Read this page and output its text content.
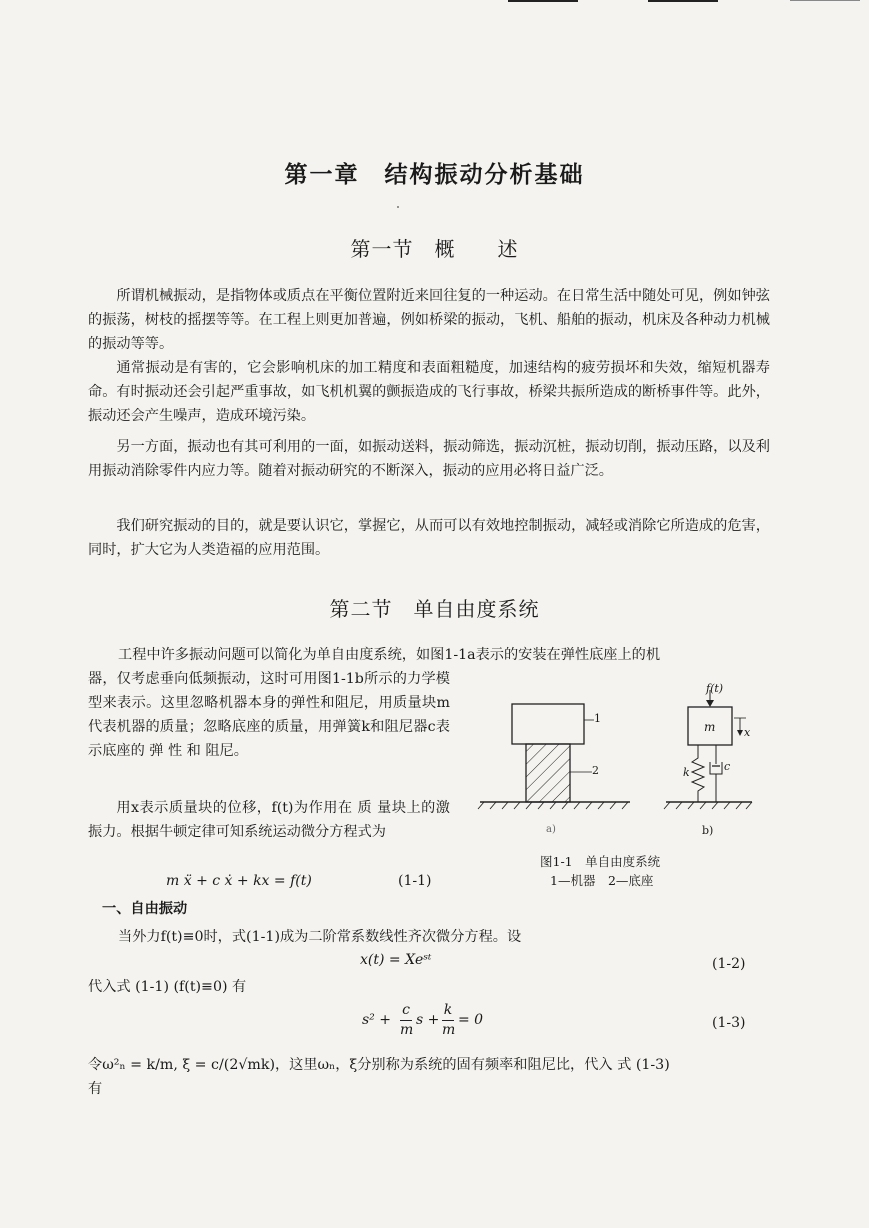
第一章　结构振动分析基础
第一节　概　　述
所谓机械振动，是指物体或质点在平衡位置附近来回往复的一种运动。在日常生活中随处可见，例如钟弦的振荡，树枝的摇摆等等。在工程上则更加普遍，例如桥梁的振动，飞机、船舶的振动，机床及各种动力机械的振动等等。
通常振动是有害的，它会影响机床的加工精度和表面粗糙度，加速结构的疲劳损坏和失效，缩短机器寿命。有时振动还会引起严重事故，如飞机机翼的颤振造成的飞行事故，桥梁共振所造成的断桥事件等。此外，振动还会产生噪声，造成环境污染。
另一方面，振动也有其可利用的一面，如振动送料，振动筛选，振动沉桩，振动切削，振动压路，以及利用振动消除零件内应力等。随着对振动研究的不断深入，振动的应用必将日益广泛。
我们研究振动的目的，就是要认识它，掌握它，从而可以有效地控制振动，减轻或消除它所造成的危害，同时，扩大它为人类造福的应用范围。
第二节　单自由度系统
工程中许多振动问题可以简化为单自由度系统，如图1-1a表示的安装在弹性底座上的机
器，仅考虑垂向低频振动，这时可用图1-1b所示的力学模型来表示。这里忽略机器本身的弹性和阻尼，用质量块m代表机器的质量；忽略底座的质量，用弹簧k和阻尼器c表示底座的 弹 性 和 阻尼。
用x表示质量块的位移，f(t)为作用在 质 量块上的激振力。根据牛顿定律可知系统运动微分方程式为
m ẍ + c ẋ + kx = f(t)	(1-1)
一、自由振动
当外力f(t)≡0时，式(1-1)成为二阶常系数线性齐次微分方程。设
x(t) = Xeˢᵗ	(1-2)
代入式 (1-1) (f(t)≡0) 有
s² +
c
m
s +
k
m
= 0	(1-3)
令ω²ₙ = k/m, ξ = c/(2√mk)，这里ωₙ，ξ分别称为系统的固有频率和阻尼比，代入 式 (1-3)
有
1
2
f(t)
m	x
k	c
a)	b)
图1-1　单自由度系统
1—机器　2—底座
